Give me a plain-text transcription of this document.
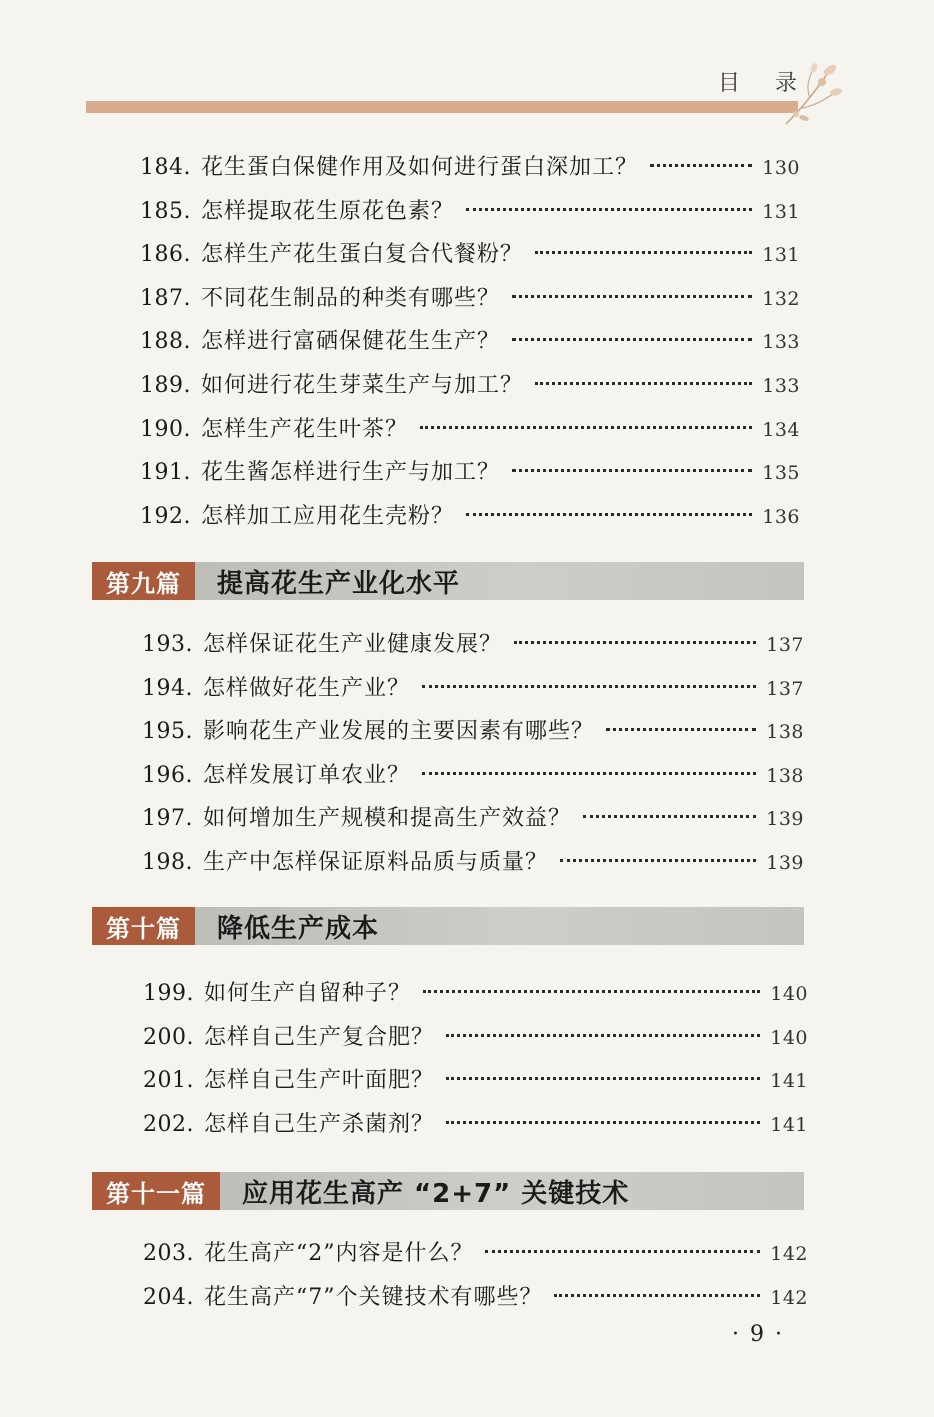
目 录
184. 花生蛋白保健作用及如何进行蛋白深加工？	130
185. 怎样提取花生原花色素？	131
186. 怎样生产花生蛋白复合代餐粉？	131
187. 不同花生制品的种类有哪些？	132
188. 怎样进行富硒保健花生生产？	133
189. 如何进行花生芽菜生产与加工？	133
190. 怎样生产花生叶茶？	134
191. 花生酱怎样进行生产与加工？	135
192. 怎样加工应用花生壳粉？	136
第九篇	提高花生产业化水平
193. 怎样保证花生产业健康发展？	137
194. 怎样做好花生产业？	137
195. 影响花生产业发展的主要因素有哪些？	138
196. 怎样发展订单农业？	138
197. 如何增加生产规模和提高生产效益？	139
198. 生产中怎样保证原料品质与质量？	139
第十篇	降低生产成本
199. 如何生产自留种子？	140
200. 怎样自己生产复合肥？	140
201. 怎样自己生产叶面肥？	141
202. 怎样自己生产杀菌剂？	141
第十一篇	应用花生高产 “2+7” 关键技术
203. 花生高产“2”内容是什么？	142
204. 花生高产“7”个关键技术有哪些？	142
· 9 ·
